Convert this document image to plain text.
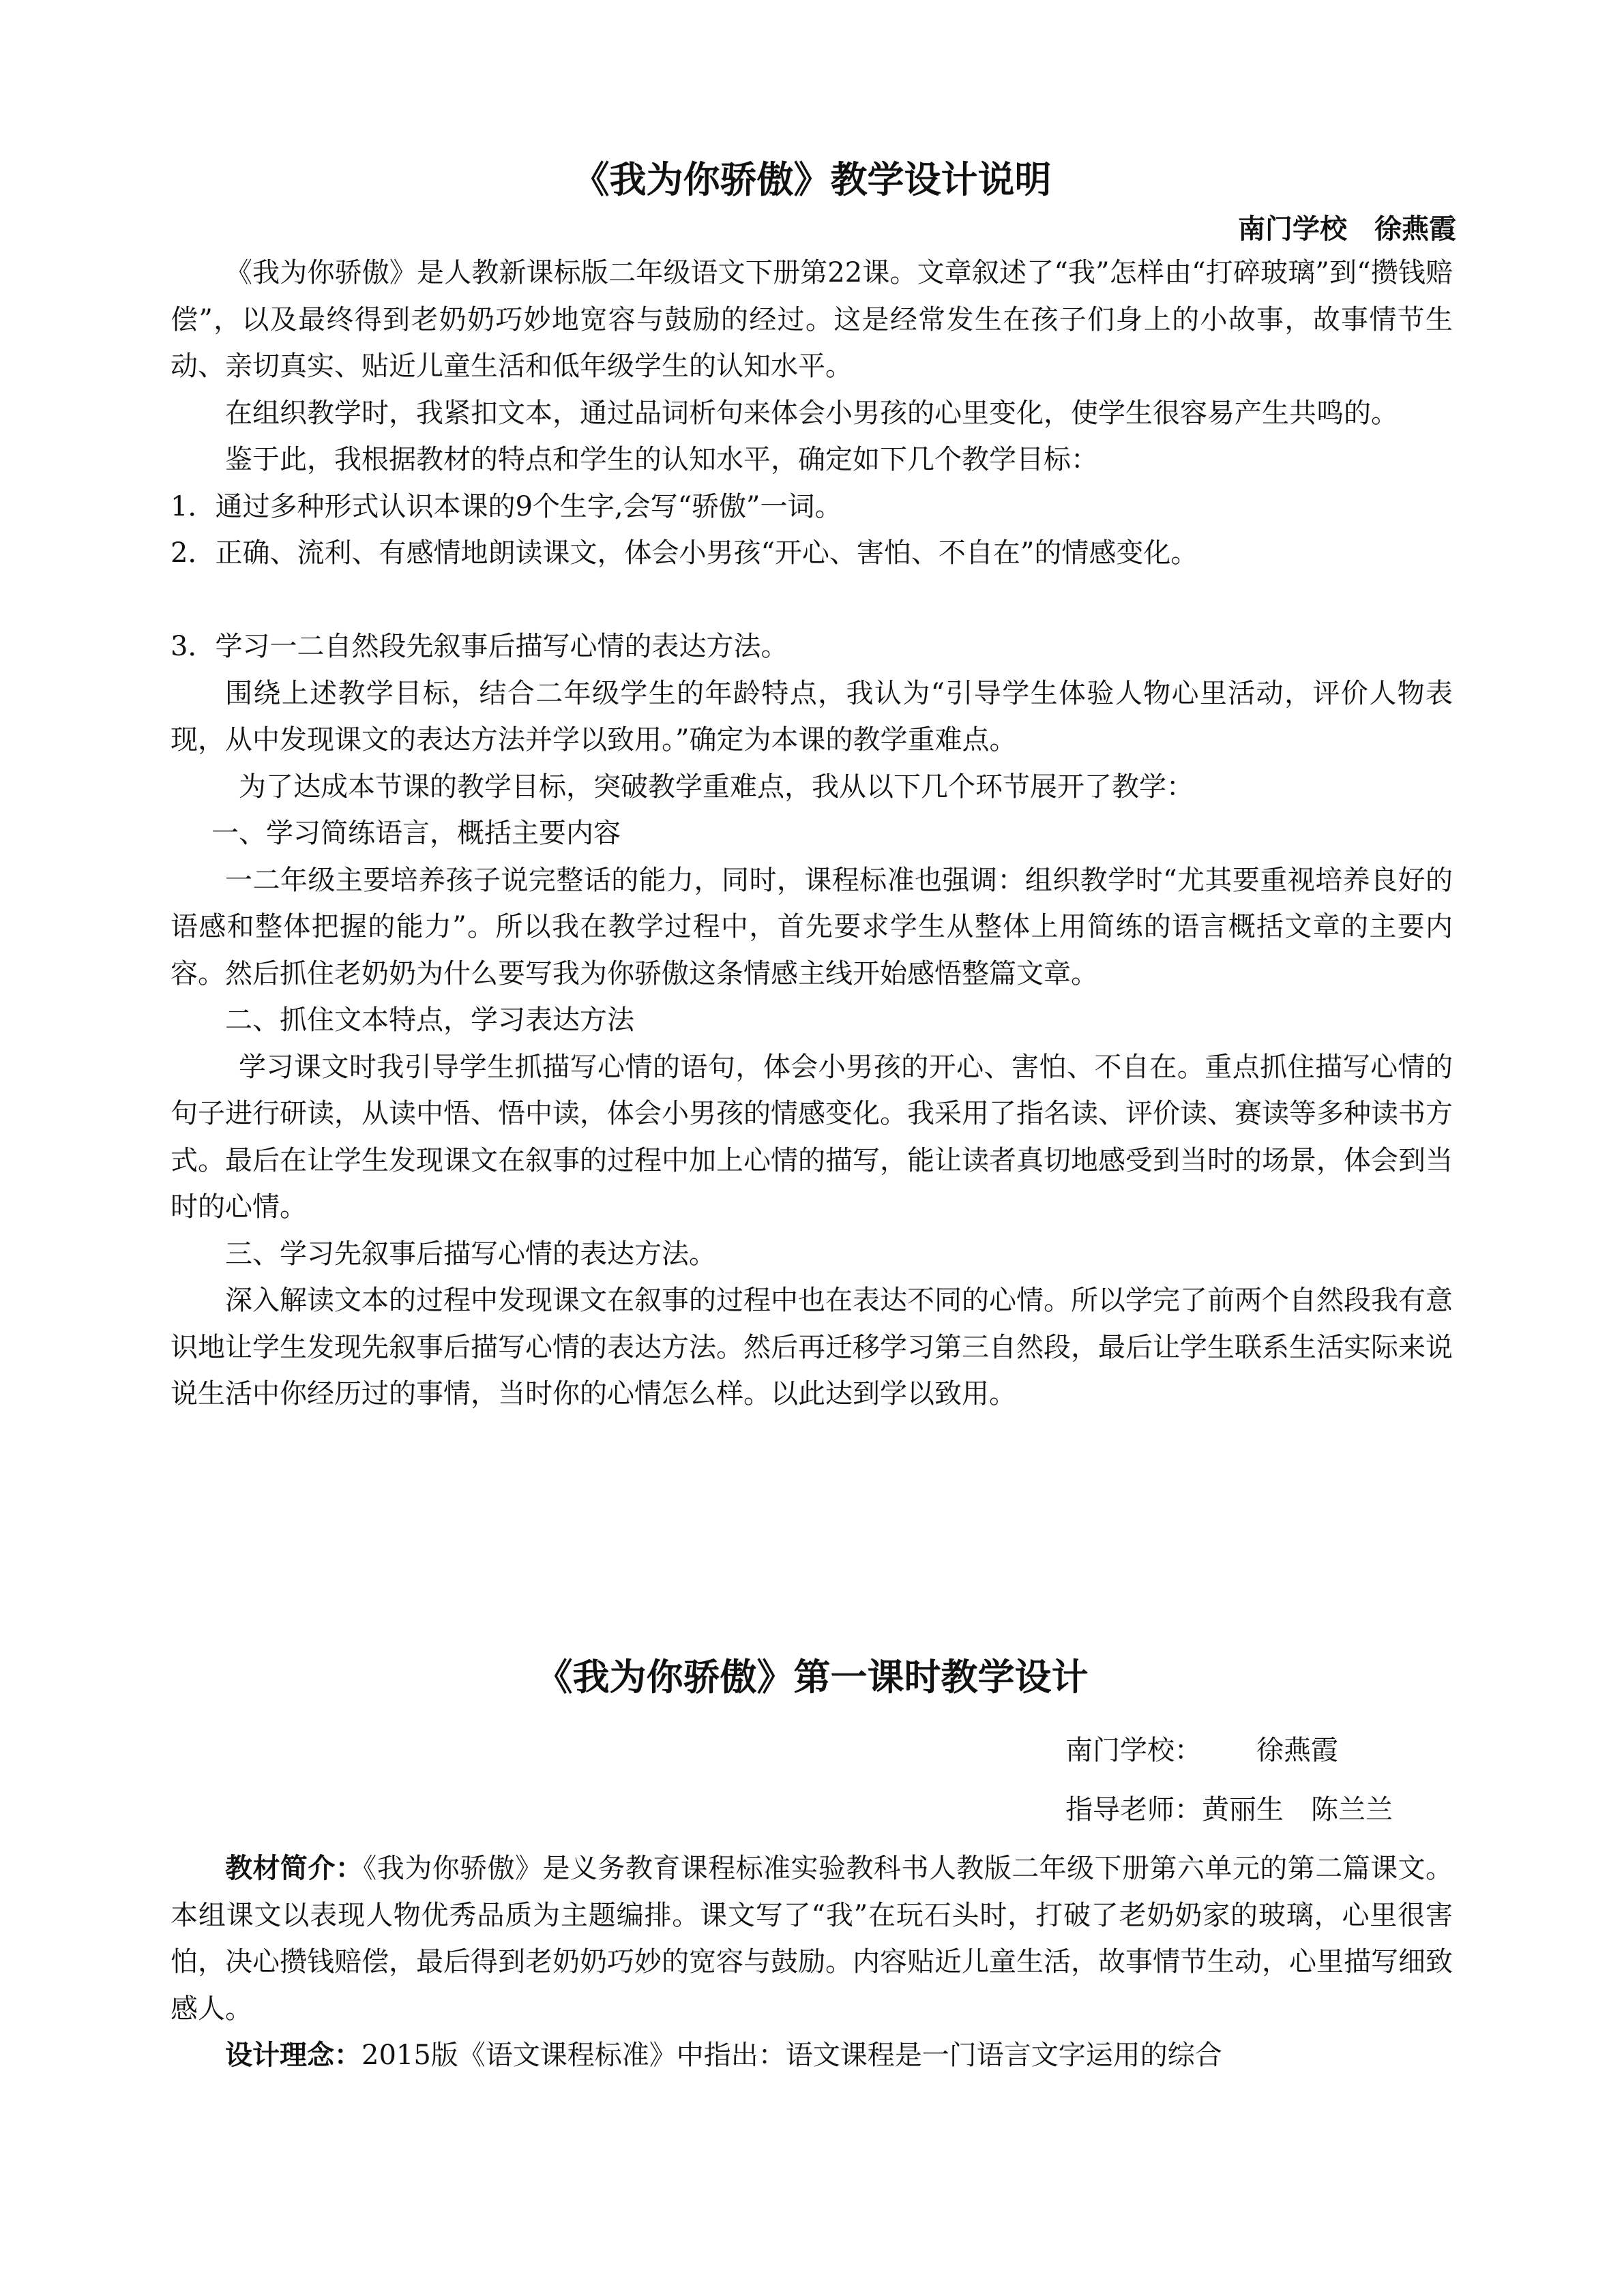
《我为你骄傲》教学设计说明
南门学校 徐燕霞

《我为你骄傲》是人教新课标版二年级语文下册第22课。文章叙述了“我”怎样由“打碎玻璃”到“攒钱赔偿”，以及最终得到老奶奶巧妙地宽容与鼓励的经过。这是经常发生在孩子们身上的小故事，故事情节生动、亲切真实、贴近儿童生活和低年级学生的认知水平。

在组织教学时，我紧扣文本，通过品词析句来体会小男孩的心里变化，使学生很容易产生共鸣的。

鉴于此，我根据教材的特点和学生的认知水平，确定如下几个教学目标：

1．通过多种形式认识本课的9个生字,会写“骄傲”一词。

2．正确、流利、有感情地朗读课文，体会小男孩“开心、害怕、不自在”的情感变化。

3．学习一二自然段先叙事后描写心情的表达方法。

围绕上述教学目标，结合二年级学生的年龄特点，我认为“引导学生体验人物心里活动，评价人物表现，从中发现课文的表达方法并学以致用。”确定为本课的教学重难点。

为了达成本节课的教学目标，突破教学重难点，我从以下几个环节展开了教学：

一、学习简练语言，概括主要内容

一二年级主要培养孩子说完整话的能力，同时，课程标准也强调：组织教学时“尤其要重视培养良好的语感和整体把握的能力”。所以我在教学过程中，首先要求学生从整体上用简练的语言概括文章的主要内容。然后抓住老奶奶为什么要写我为你骄傲这条情感主线开始感悟整篇文章。

二、抓住文本特点，学习表达方法

学习课文时我引导学生抓描写心情的语句，体会小男孩的开心、害怕、不自在。重点抓住描写心情的句子进行研读，从读中悟、悟中读，体会小男孩的情感变化。我采用了指名读、评价读、赛读等多种读书方式。最后在让学生发现课文在叙事的过程中加上心情的描写，能让读者真切地感受到当时的场景，体会到当时的心情。

三、学习先叙事后描写心情的表达方法。

深入解读文本的过程中发现课文在叙事的过程中也在表达不同的心情。所以学完了前两个自然段我有意识地让学生发现先叙事后描写心情的表达方法。然后再迁移学习第三自然段，最后让学生联系生活实际来说说生活中你经历过的事情，当时你的心情怎么样。以此达到学以致用。

《我为你骄傲》第一课时教学设计
南门学校： 徐燕霞
指导老师：黄丽生 陈兰兰

教材简介：《我为你骄傲》是义务教育课程标准实验教科书人教版二年级下册第六单元的第二篇课文。本组课文以表现人物优秀品质为主题编排。课文写了“我”在玩石头时，打破了老奶奶家的玻璃，心里很害怕，决心攒钱赔偿，最后得到老奶奶巧妙的宽容与鼓励。内容贴近儿童生活，故事情节生动，心里描写细致感人。

设计理念：2015版《语文课程标准》中指出：语文课程是一门语言文字运用的综合
